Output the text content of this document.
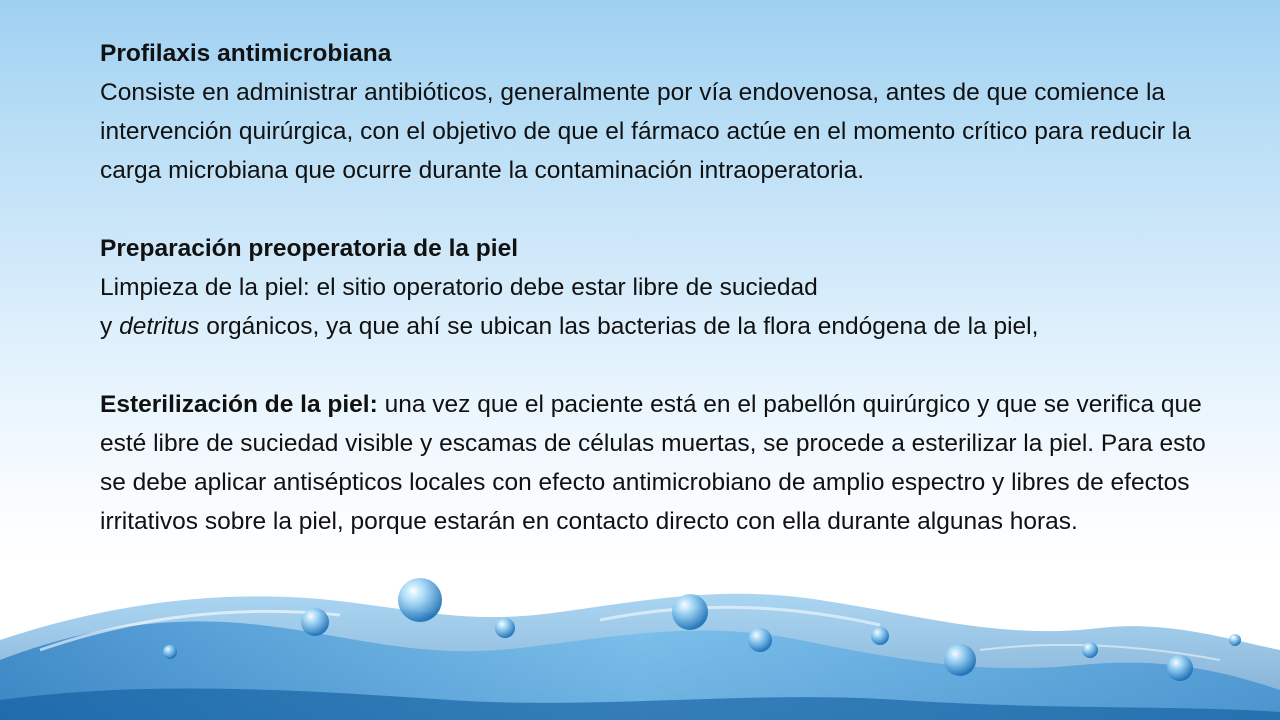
Profilaxis antimicrobiana

Consiste en administrar antibióticos, generalmente por vía endovenosa, antes de que comience la intervención quirúrgica, con el objetivo de que el fármaco actúe en el momento crítico para reducir la carga microbiana que ocurre durante la contaminación intraoperatoria.

Preparación preoperatoria de la piel

Limpieza de la piel: el sitio operatorio debe estar libre de suciedad

y detritus orgánicos, ya que ahí se ubican las bacterias de la flora endógena de la piel,

Esterilización de la piel: una vez que el paciente está en el pabellón quirúrgico y que se verifica que esté libre de suciedad visible y escamas de células muertas, se procede a esterilizar la piel. Para esto se debe aplicar antisépticos locales con efecto antimicrobiano de amplio espectro y libres de efectos irritativos sobre la piel, porque estarán en contacto directo con ella durante algunas horas.
